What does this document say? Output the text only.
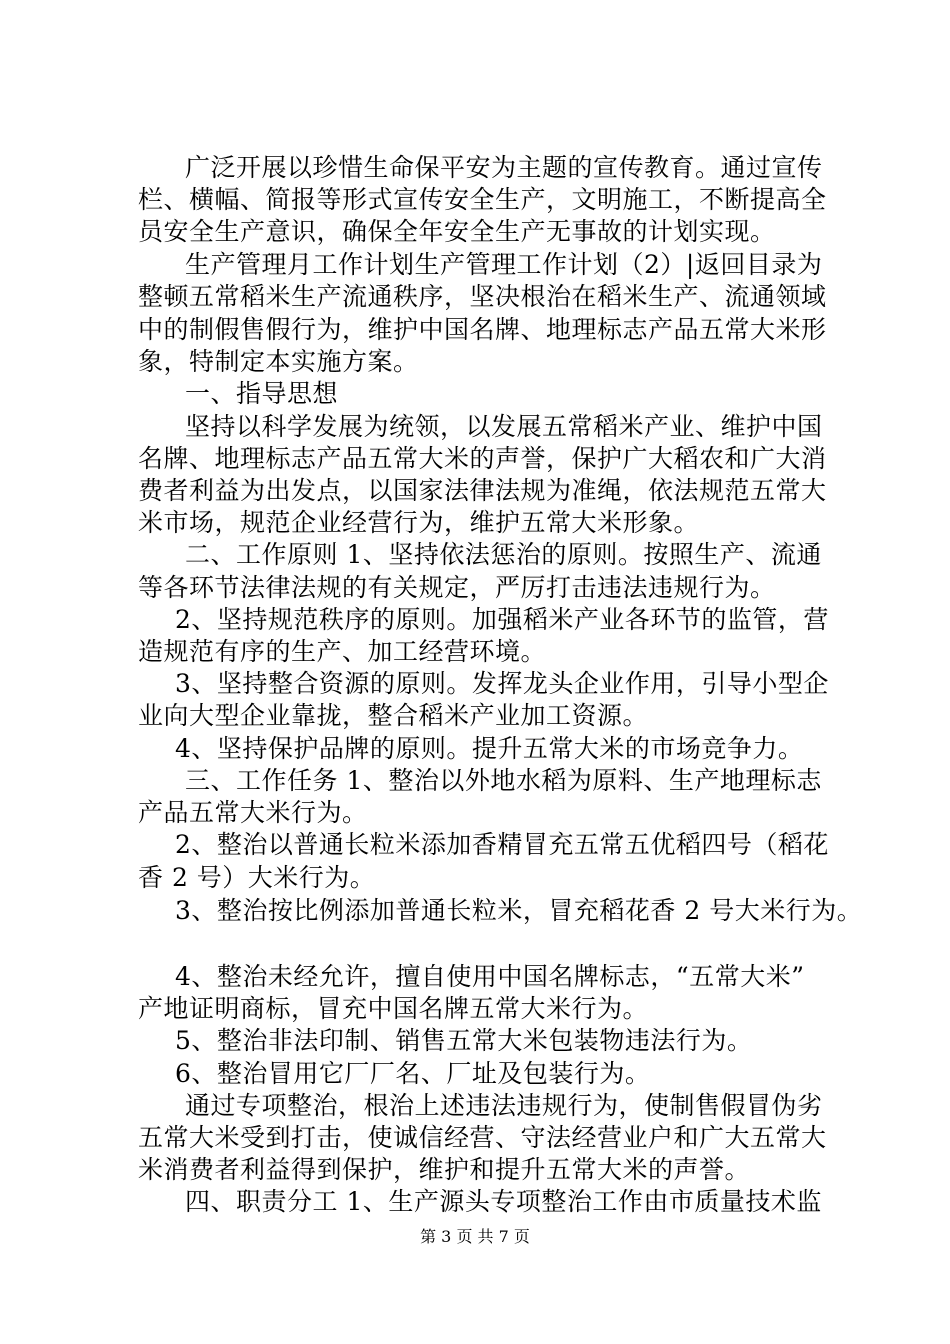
广泛开展以珍惜生命保平安为主题的宣传教育。通过宣传
栏、横幅、简报等形式宣传安全生产，文明施工，不断提高全
员安全生产意识，确保全年安全生产无事故的计划实现。
生产管理月工作计划生产管理工作计划（2）|返回目录为
整顿五常稻米生产流通秩序，坚决根治在稻米生产、流通领域
中的制假售假行为，维护中国名牌、地理标志产品五常大米形
象，特制定本实施方案。
一、指导思想
坚持以科学发展为统领，以发展五常稻米产业、维护中国
名牌、地理标志产品五常大米的声誉，保护广大稻农和广大消
费者利益为出发点，以国家法律法规为准绳，依法规范五常大
米市场，规范企业经营行为，维护五常大米形象。
二、工作原则 1、坚持依法惩治的原则。按照生产、流通
等各环节法律法规的有关规定，严厉打击违法违规行为。
2、坚持规范秩序的原则。加强稻米产业各环节的监管，营
造规范有序的生产、加工经营环境。
3、坚持整合资源的原则。发挥龙头企业作用，引导小型企
业向大型企业靠拢，整合稻米产业加工资源。
4、坚持保护品牌的原则。提升五常大米的市场竞争力。
三、工作任务 1、整治以外地水稻为原料、生产地理标志
产品五常大米行为。
2、整治以普通长粒米添加香精冒充五常五优稻四号（稻花
香 2 号）大米行为。
3、整治按比例添加普通长粒米，冒充稻花香 2 号大米行为。
4、整治未经允许，擅自使用中国名牌标志，“五常大米”
产地证明商标，冒充中国名牌五常大米行为。
5、整治非法印制、销售五常大米包装物违法行为。
6、整治冒用它厂厂名、厂址及包装行为。
通过专项整治，根治上述违法违规行为，使制售假冒伪劣
五常大米受到打击，使诚信经营、守法经营业户和广大五常大
米消费者利益得到保护，维护和提升五常大米的声誉。
四、职责分工 1、生产源头专项整治工作由市质量技术监
第 3 页 共 7 页
